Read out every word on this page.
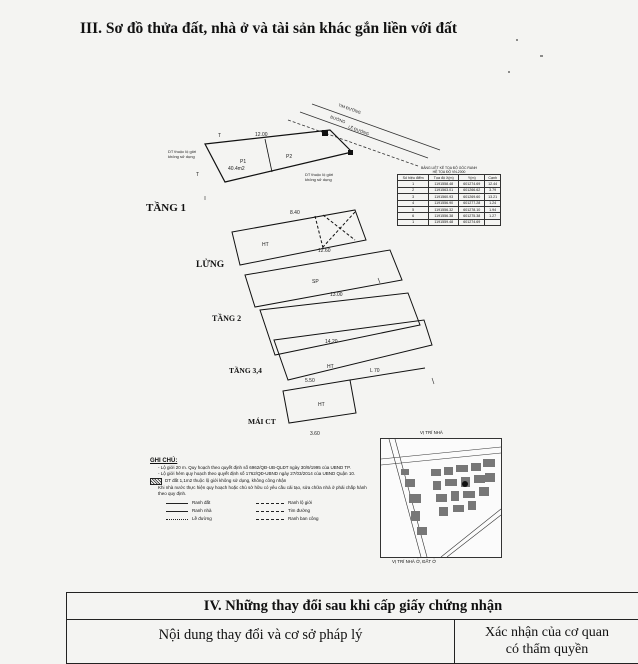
III. Sơ đồ thửa đất, nhà ở và tài sản khác gắn liền với đất
TIM ĐƯỜNG
ĐƯỜNG
LỀ ĐƯỜNG
12.00
P1
P2
40.4m2
DT thuộc lộ giới
không sử dụng
DT thuộc lộ giới
không sử dụng
T
T
8.40
HT
12.60
SP
13.00
14.20
HT
5.50
L 70
HT
3.60
TẦNG 1
LỬNG
TẦNG 2
TẦNG 3,4
MÁI CT
BẢNG LIỆT KÊ TỌA ĐỘ GÓC RANH
HỆ TỌA ĐỘ VN-2000
Số hiệu điểm	Tọa độ X(m)	Y(m)	Cạnh
1	1191558.48	601274.69	12.44
2	1191563.01	601266.62	3.79
3	1191560.93	601269.60	13.21
4	1191556.90	601277.28	1.24
5	1191556.32	601278.10	1.94
6	1191556.38	601275.38	1.27
1	1191559.48	601274.69	
GHI CHÚ:
- Lộ giới 20 m. Quy hoạch theo quyết định số 6962/QĐ-UB-QLĐT ngày 30/9/1995 của UBND TP.
- Lộ giới hẻm quy hoạch theo quyết định số 1762/QĐ-UBND ngày 27/03/2014 của UBND Quận 10.
DT đất 1,1m2 thuộc lộ giới không sử dụng, không công nhận
Khi nhà nước thực hiện quy hoạch hoặc chủ sở hữu có yêu cầu cải tạo, sửa chữa nhà ở phải chấp hành theo quy định.
Ranh đất	Ranh lộ giới
Ranh nhà	Tim đường
Lề đường	Ranh ban công
VỊ TRÍ NHÀ
VỊ TRÍ NHÀ Ở, ĐẤT Ở
IV. Những thay đổi sau khi cấp giấy chứng nhận
Nội dung thay đổi và cơ sở pháp lý	Xác nhận của cơ quan
có thẩm quyền
